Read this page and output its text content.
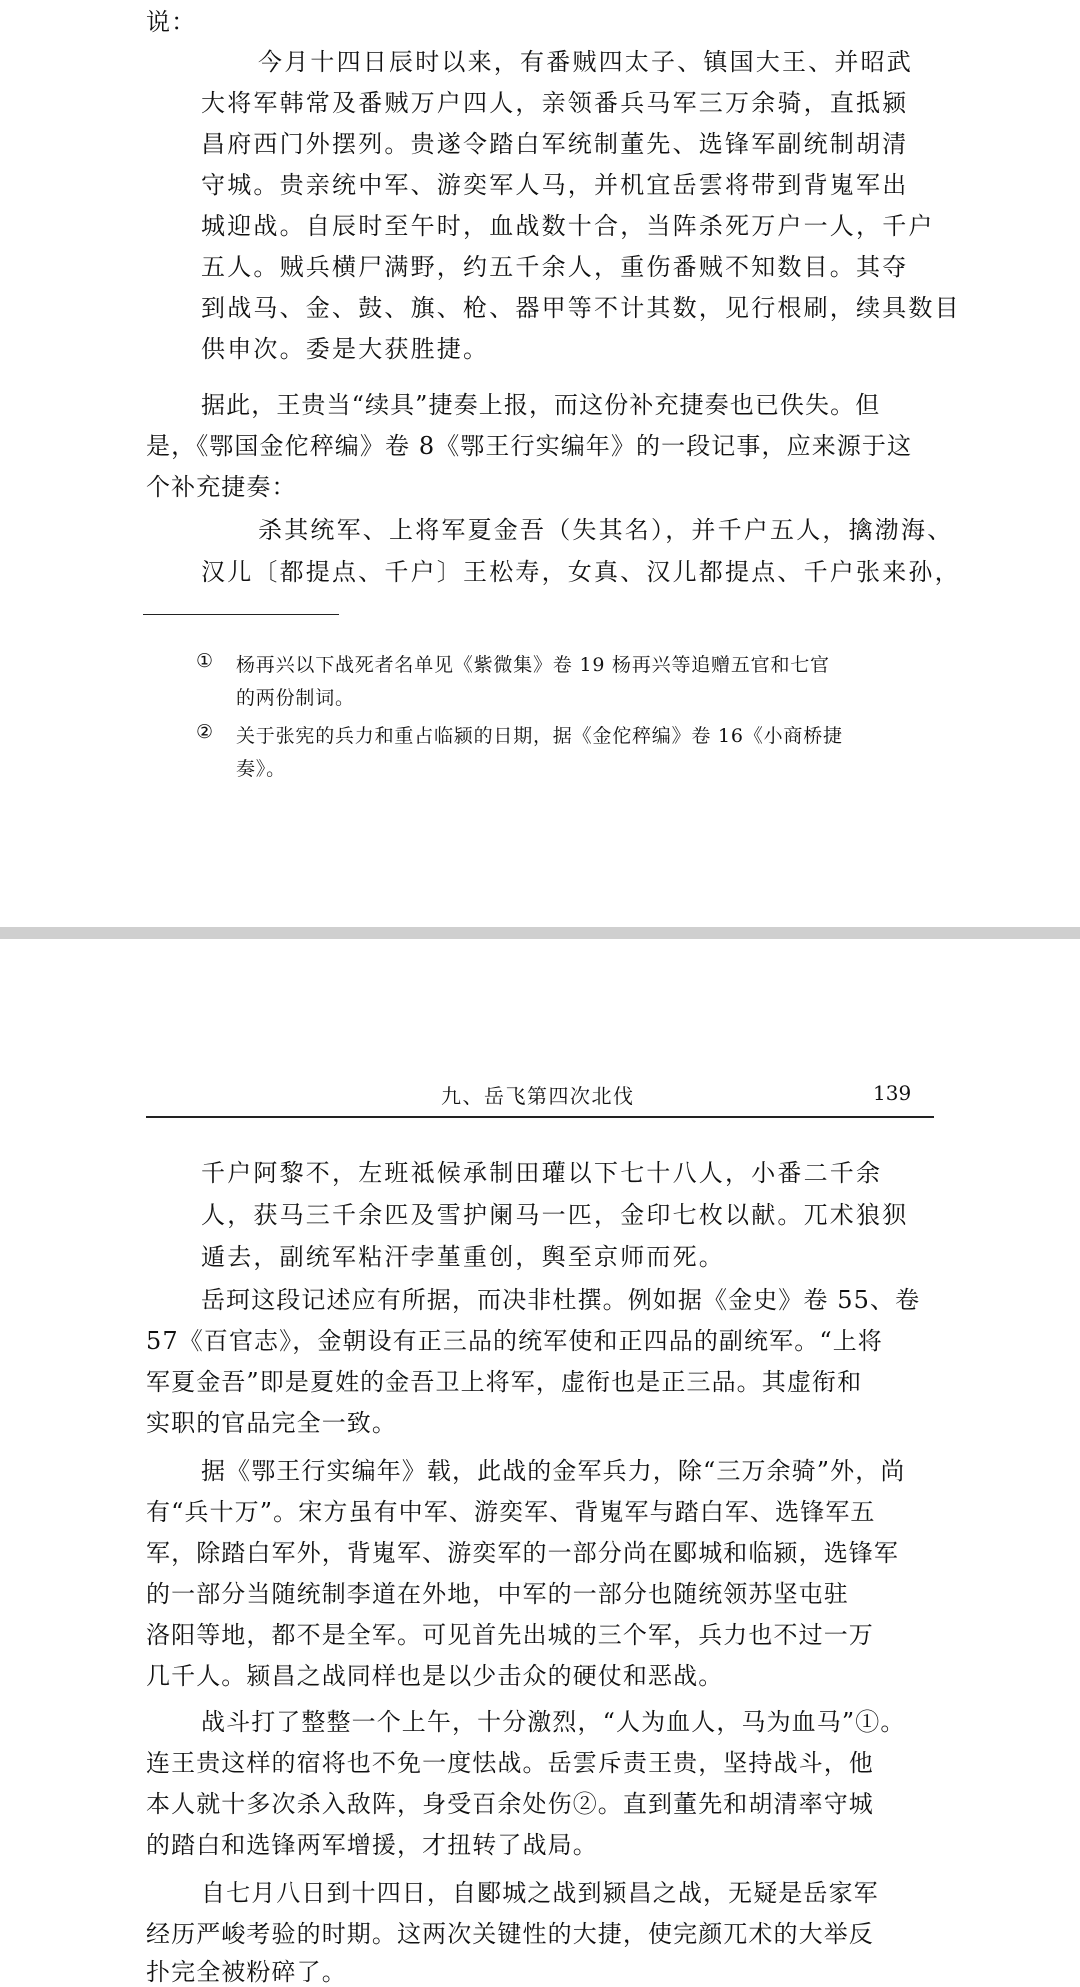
说：

今月十四日辰时以来，有番贼四太子、镇国大王、并昭武

大将军韩常及番贼万户四人，亲领番兵马军三万余骑，直抵颍

昌府西门外摆列。贵遂令踏白军统制董先、选锋军副统制胡清

守城。贵亲统中军、游奕军人马，并机宜岳雲将带到背嵬军出

城迎战。自辰时至午时，血战数十合，当阵杀死万户一人，千户

五人。贼兵横尸满野，约五千余人，重伤番贼不知数目。其夺

到战马、金、鼓、旗、枪、器甲等不计其数，见行根刷，续具数目

供申次。委是大获胜捷。

据此，王贵当“续具”捷奏上报，而这份补充捷奏也已佚失。但

是，《鄂国金佗稡编》卷 8《鄂王行实编年》的一段记事，应来源于这

个补充捷奏：

杀其统军、上将军夏金吾（失其名），并千户五人，擒渤海、

汉儿〔都提点、千户〕王松寿，女真、汉儿都提点、千户张来孙，

① 杨再兴以下战死者名单见《紫微集》卷 19 杨再兴等追赠五官和七官

的两份制词。

② 关于张宪的兵力和重占临颍的日期，据《金佗稡编》卷 16《小商桥捷

奏》。

九、岳飞第四次北伐	139

千户阿黎不，左班祗候承制田瓘以下七十八人，小番二千余

人，获马三千余匹及雪护阑马一匹，金印七枚以献。兀术狼狈

遁去，副统军粘汗孛堇重创，舆至京师而死。

岳珂这段记述应有所据，而决非杜撰。例如据《金史》卷 55、卷

57《百官志》，金朝设有正三品的统军使和正四品的副统军。“上将

军夏金吾”即是夏姓的金吾卫上将军，虚衔也是正三品。其虚衔和

实职的官品完全一致。

据《鄂王行实编年》载，此战的金军兵力，除“三万余骑”外，尚

有“兵十万”。宋方虽有中军、游奕军、背嵬军与踏白军、选锋军五

军，除踏白军外，背嵬军、游奕军的一部分尚在郾城和临颍，选锋军

的一部分当随统制李道在外地，中军的一部分也随统领苏坚屯驻

洛阳等地，都不是全军。可见首先出城的三个军，兵力也不过一万

几千人。颍昌之战同样也是以少击众的硬仗和恶战。

战斗打了整整一个上午，十分激烈，“人为血人，马为血马”①。

连王贵这样的宿将也不免一度怯战。岳雲斥责王贵，坚持战斗，他

本人就十多次杀入敌阵，身受百余处伤②。直到董先和胡清率守城

的踏白和选锋两军增援，才扭转了战局。

自七月八日到十四日，自郾城之战到颍昌之战，无疑是岳家军

经历严峻考验的时期。这两次关键性的大捷，使完颜兀术的大举反

扑完全被粉碎了。
